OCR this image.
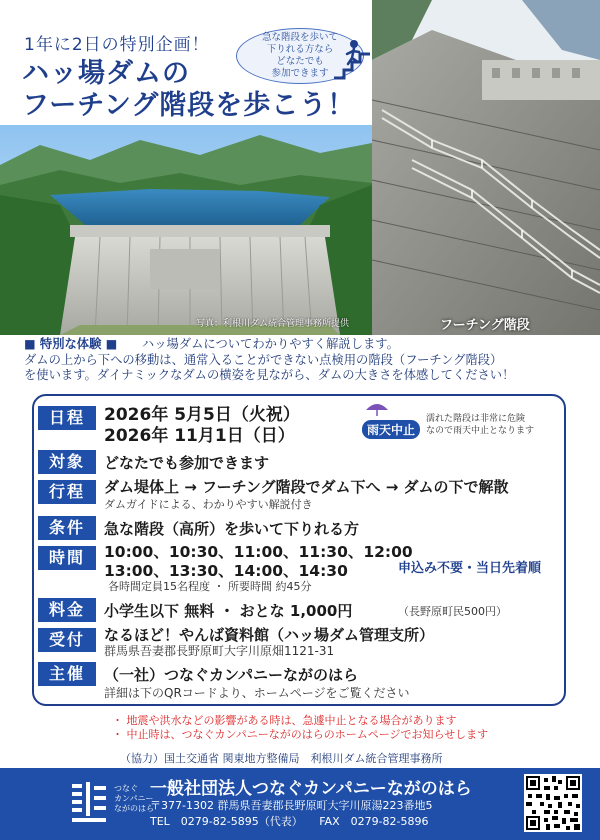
1年に2日の特別企画！
ハッ場ダムの
フーチング階段を歩こう！
急な階段を歩いて
下りれる方なら
どなたでも
参加できます
写真：利根川ダム統合管理事務所提供	フーチング階段
■ 特別な体験 ■　　 ハッ場ダムについてわかりやすく解説します。
ダムの上から下への移動は、通常入ることができない点検用の階段（フーチング階段）
を使います。ダイナミックなダムの横姿を見ながら、ダムの大きさを体感してください！
日程	2026年 5月5日（火祝）
2026年 11月1日（日）	雨天中止
濡れた階段は非常に危険
なので雨天中止となります
対象	どなたでも参加できます
行程	ダム堤体上 → フーチング階段でダム下へ → ダムの下で解散
ダムガイドによる、わかりやすい解説付き
条件	急な階段（高所）を歩いて下りれる方
時間	10:00、10:30、11:00、11:30、12:00
13:00、13:30、14:00、14:30	申込み不要・当日先着順
各時間定員15名程度 ・ 所要時間 約45分
料金	小学生以下 無料 ・ おとな 1,000円	（長野原町民500円）
受付	なるほど！やんば資料館（ハッ場ダム管理支所）
群馬県吾妻郡長野原町大字川原畑1121-31
主催	（一社）つなぐカンパニーながのはら
詳細は下のQRコードより、ホームページをご覧ください
・ 地震や洪水などの影響がある時は、急遽中止となる場合があります
・ 中止時は、つなぐカンパニーながのはらのホームページでお知らせします
（協力）国土交通省 関東地方整備局　利根川ダム統合管理事務所
つなぐ
カンパニー
ながのはら
一般社団法人つなぐカンパニーながのはら
〒377-1302 群馬県吾妻郡長野原町大字川原湯223番地5
TEL　0279-82-5895（代表）　　FAX　0279-82-5896
